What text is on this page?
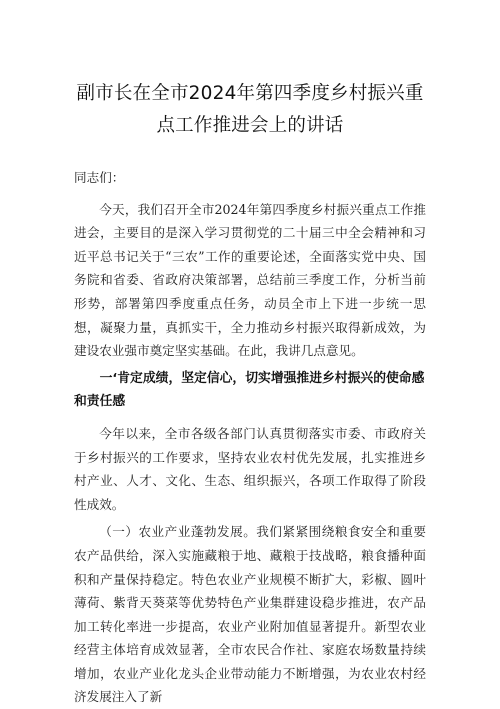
副市长在全市2024年第四季度乡村振兴重
点工作推进会上的讲话

同志们：

今天，我们召开全市2024年第四季度乡村振兴重点工作推进会，主要目的是深入学习贯彻党的二十届三中全会精神和习近平总书记关于“三农”工作的重要论述，全面落实党中央、国务院和省委、省政府决策部署，总结前三季度工作，分析当前形势，部署第四季度重点任务，动员全市上下进一步统一思想，凝聚力量，真抓实干，全力推动乡村振兴取得新成效，为建设农业强市奠定坚实基础。在此，我讲几点意见。

一‘肯定成绩，坚定信心，切实增强推进乡村振兴的使命感和责任感

今年以来，全市各级各部门认真贯彻落实市委、市政府关于乡村振兴的工作要求，坚持农业农村优先发展，扎实推进乡村产业、人才、文化、生态、组织振兴，各项工作取得了阶段性成效。

（一）农业产业蓬勃发展。我们紧紧围绕粮食安全和重要农产品供给，深入实施藏粮于地、藏粮于技战略，粮食播种面积和产量保持稳定。特色农业产业规模不断扩大，彩椒、圆叶薄荷、紫背天葵菜等优势特色产业集群建设稳步推进，农产品加工转化率进一步提高，农业产业附加值显著提升。新型农业经营主体培育成效显著，全市农民合作社、家庭农场数量持续增加，农业产业化龙头企业带动能力不断增强，为农业农村经济发展注入了新
